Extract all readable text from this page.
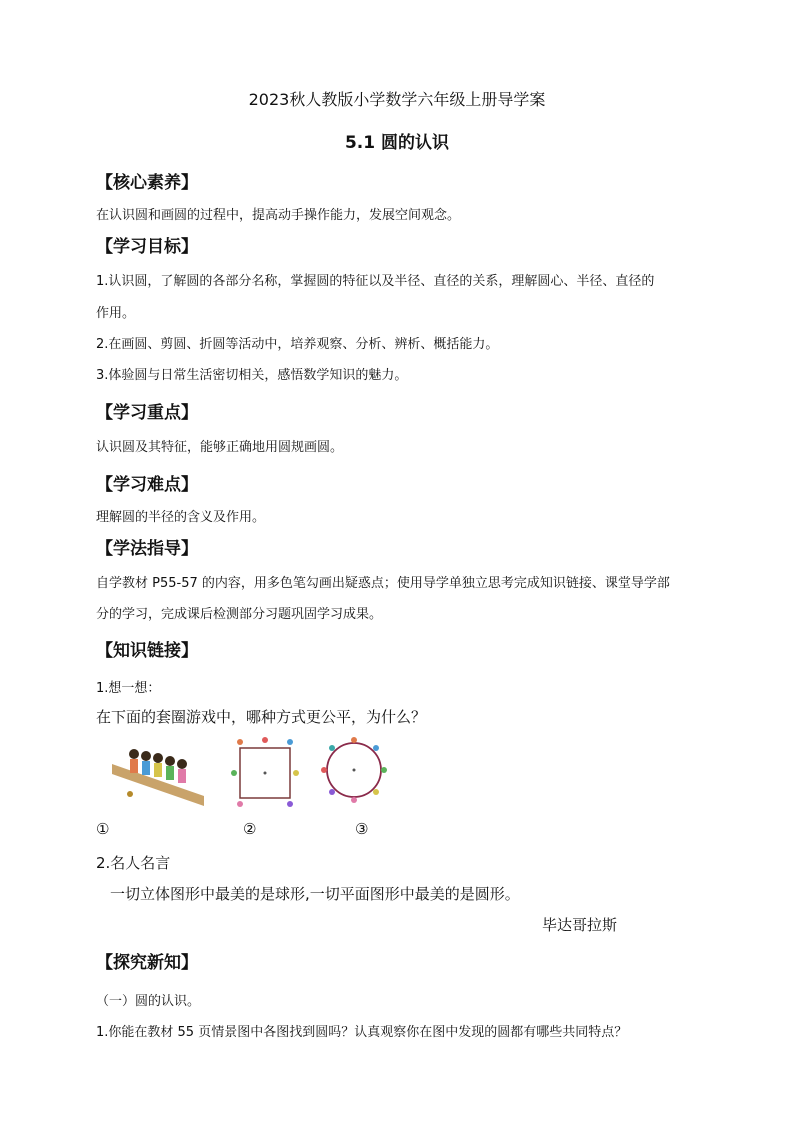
2023秋人教版小学数学六年级上册导学案
5.1 圆的认识
【核心素养】
在认识圆和画圆的过程中，提高动手操作能力，发展空间观念。
【学习目标】
1.认识圆，了解圆的各部分名称，掌握圆的特征以及半径、直径的关系，理解圆心、半径、直径的
作用。
2.在画圆、剪圆、折圆等活动中，培养观察、分析、辨析、概括能力。
3.体验圆与日常生活密切相关，感悟数学知识的魅力。
【学习重点】
认识圆及其特征，能够正确地用圆规画圆。
【学习难点】
理解圆的半径的含义及作用。
【学法指导】
自学教材 P55-57 的内容，用多色笔勾画出疑惑点；使用导学单独立思考完成知识链接、课堂导学部
分的学习，完成课后检测部分习题巩固学习成果。
【知识链接】
1.想一想：
在下面的套圈游戏中，哪种方式更公平，为什么？
①	②	③
2.名人名言
一切立体图形中最美的是球形,一切平面图形中最美的是圆形。
毕达哥拉斯
【探究新知】
（一）圆的认识。
1.你能在教材 55 页情景图中各图找到圆吗？认真观察你在图中发现的圆都有哪些共同特点？
